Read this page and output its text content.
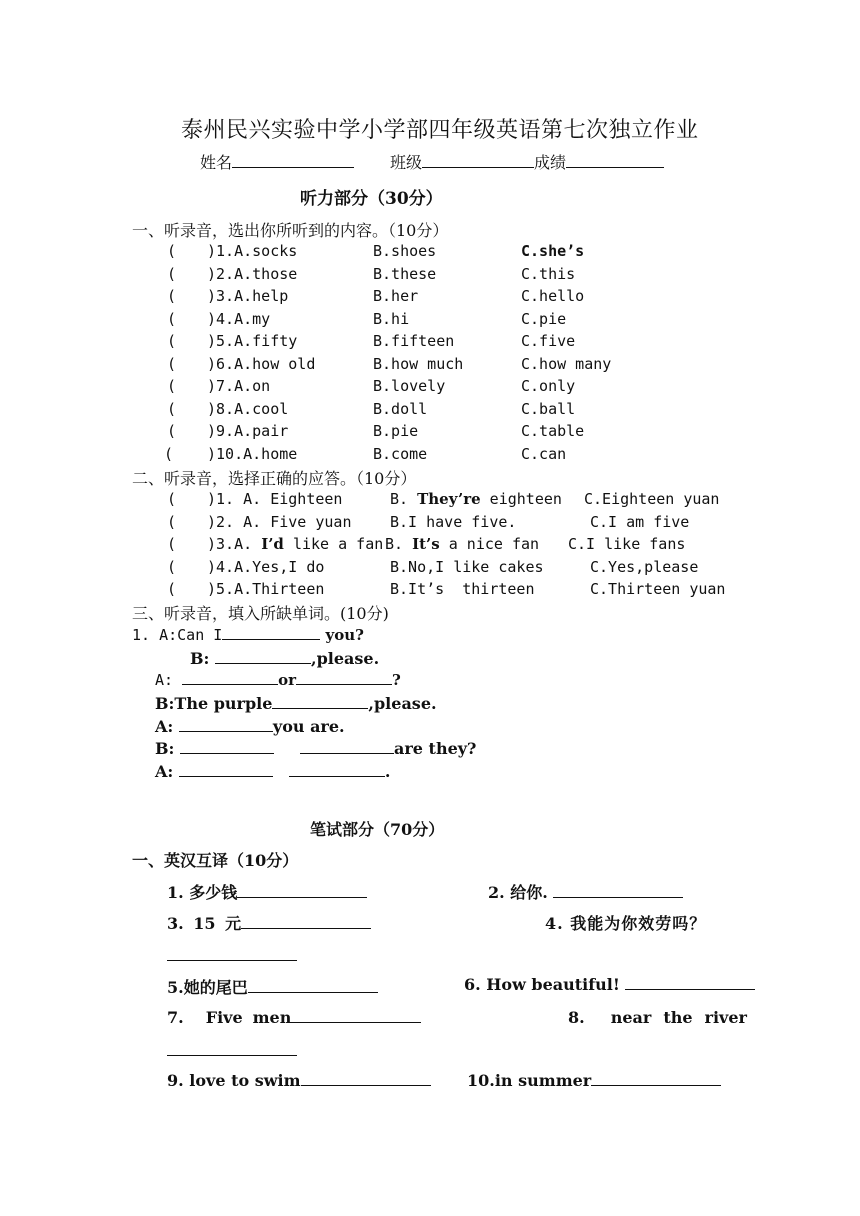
泰州民兴实验中学小学部四年级英语第七次独立作业
姓名	班级	成绩
听力部分（30分）
一、听录音，选出你所听到的内容。（10分）
( )1.A.socks	B.shoes	C.she’s
( )2.A.those	B.these	C.this
( )3.A.help	B.her	C.hello
( )4.A.my	B.hi	C.pie
( )5.A.fifty	B.fifteen	C.five
( )6.A.how old	B.how much	C.how many
( )7.A.on	B.lovely	C.only
( )8.A.cool	B.doll	C.ball
( )9.A.pair	B.pie	C.table
( )10.A.home	B.come	C.can
二、听录音，选择正确的应答。（10分）
( )1. A. Eighteen	B. They’re eighteen C.Eighteen yuan
( )2. A. Five yuan	B.I have five.	C.I am five
( )3.A. I’d like a fan B. It’s a nice fan C.I like fans
( )4.A.Yes,I do	B.No,I like cakes	C.Yes,please
( )5.A.Thirteen	B.It’s  thirteen	C.Thirteen yuan
三、听录音，填入所缺单词。(10分)
1. A:Can I	you?
B:	,please.
A:	or	?
B:The purple	,please.
A:	you are.
B:	are they?
A:	.
笔试部分（70分）
一、英汉互译（10分）
1. 多少钱	2. 给你.
3. 15 元	4. 我能为你效劳吗？
5.她的尾巴	6. How beautiful!
7. Five men	8. near the river
9. love to swim	10.in summer
